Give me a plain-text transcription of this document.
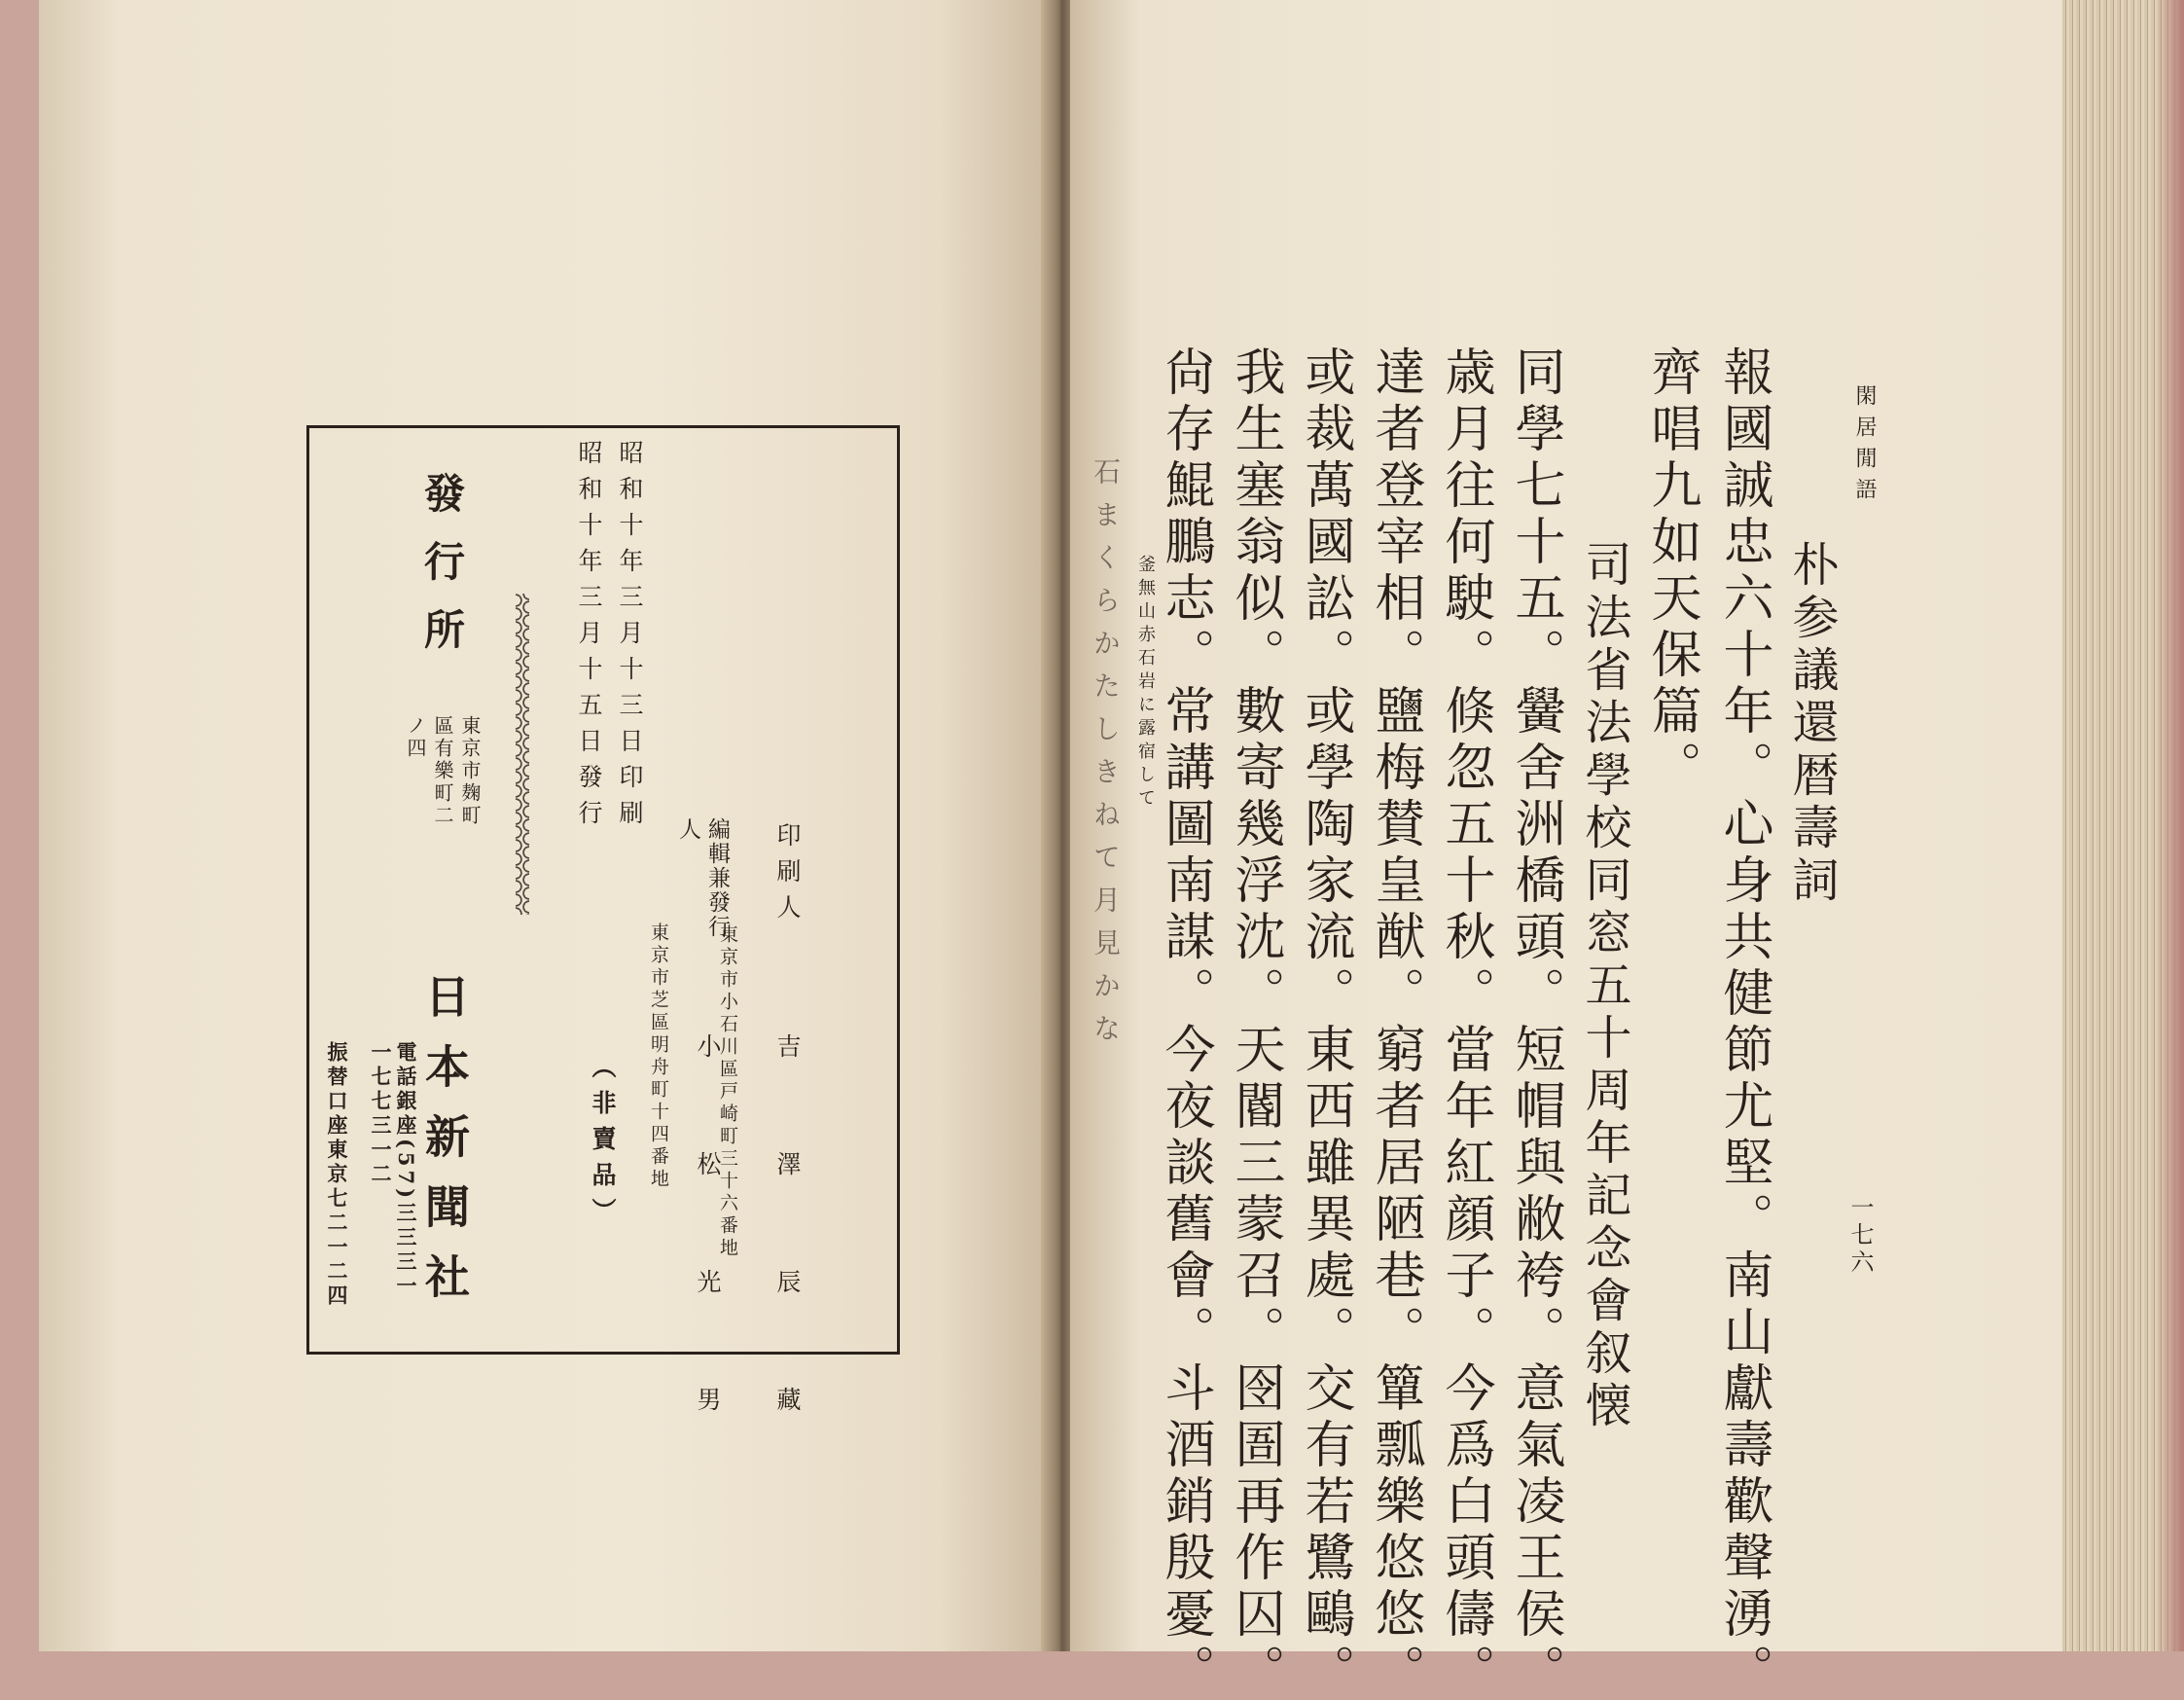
昭和十年三月十三日印刷
昭和十年三月十五日發行
（非賣品） 東京市芝區明舟町十四番地
編輯兼發行人
小 松 光 男
東京市小石川區戸崎町三十六番地
印刷人
吉 澤 辰 藏
發行所
東京市麹町區有樂町二ノ四
日本新聞社
電話銀座(57)三三三一一七七三一二
振替口座東京七二一二四
閑居閒語
一七六
朴参議還暦壽詞
報國誠忠六十年。心身共健節尤堅。南山獻壽歡聲湧。
齊唱九如天保篇。
司法省法學校同窓五十周年記念會叙懐
同學七十五。黌舍洲橋頭。短帽與敝袴。意氣凌王侯。
歳月往何駛。倏忽五十秋。當年紅顔子。今爲白頭儔。
達者登宰相。鹽梅賛皇猷。窮者居陋巷。簞瓢樂悠悠。
或裁萬國訟。或學陶家流。東西雖異處。交有若鷺鷗。
我生塞翁似。數寄幾浮沈。天閽三蒙召。囹圄再作囚。
尙存鯤鵬志。常講圖南謀。今夜談舊會。斗酒銷殷憂。
釜無山赤石岩に露宿して
石まくらかたしきねて月見かな
